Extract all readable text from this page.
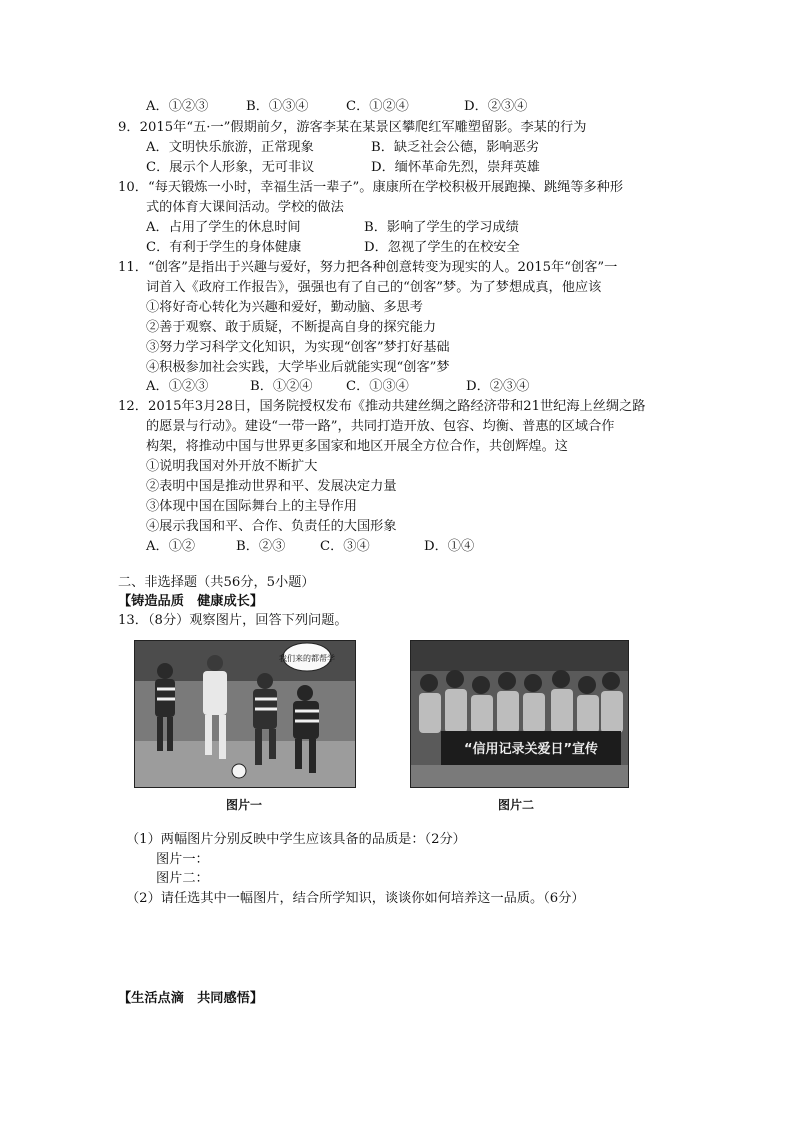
A．①②③	B．①③④	C．①②④	D．②③④
9．2015年“五·一”假期前夕，游客李某在某景区攀爬红军雕塑留影。李某的行为
A．文明快乐旅游，正常现象	B．缺乏社会公德，影响恶劣
C．展示个人形象，无可非议	D．缅怀革命先烈，崇拜英雄
10．“每天锻炼一小时，幸福生活一辈子”。康康所在学校积极开展跑操、跳绳等多种形
式的体育大课间活动。学校的做法
A．占用了学生的休息时间	B．影响了学生的学习成绩
C．有利于学生的身体健康	D．忽视了学生的在校安全
11．“创客”是指出于兴趣与爱好，努力把各种创意转变为现实的人。2015年“创客”一
词首入《政府工作报告》，强强也有了自己的“创客”梦。为了梦想成真，他应该
①将好奇心转化为兴趣和爱好，勤动脑、多思考
②善于观察、敢于质疑，不断提高自身的探究能力
③努力学习科学文化知识，为实现“创客”梦打好基础
④积极参加社会实践，大学毕业后就能实现“创客”梦
A．①②③	B．①②④	C．①③④	D．②③④
12．2015年3月28日，国务院授权发布《推动共建丝绸之路经济带和21世纪海上丝绸之路
的愿景与行动》。建设“一带一路”，共同打造开放、包容、均衡、普惠的区域合作
构架，将推动中国与世界更多国家和地区开展全方位合作，共创辉煌。这
①说明我国对外开放不断扩大
②表明中国是推动世界和平、发展决定力量
③体现中国在国际舞台上的主导作用
④展示我国和平、合作、负责任的大国形象
A．①②	B．②③	C．③④	D．①④
二、非选择题（共56分，5小题）
【铸造品质　健康成长】
13．（8分）观察图片，回答下列问题。
我们来的都帮学
图片一
“信用记录关爱日”宣传
图片二
（1）两幅图片分别反映中学生应该具备的品质是：（2分）
图片一：
图片二：
（2）请任选其中一幅图片，结合所学知识，谈谈你如何培养这一品质。（6分）
【生活点滴　共同感悟】
